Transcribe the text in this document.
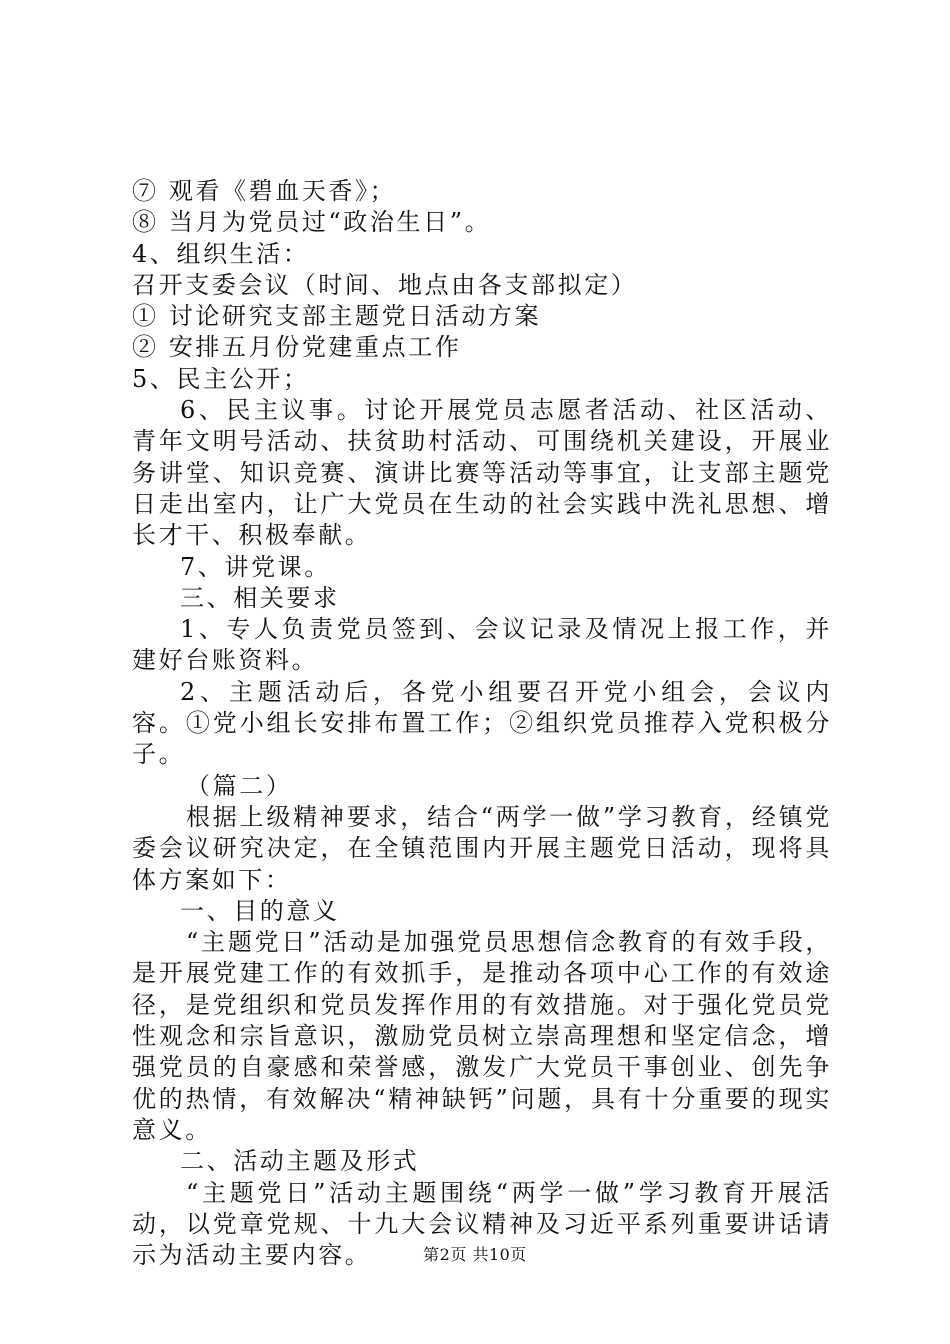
⑦ 观看《碧血天香》；

⑧ 当月为党员过“政治生日”。

4、组织生活：

召开支委会议（时间、地点由各支部拟定）

① 讨论研究支部主题党日活动方案

② 安排五月份党建重点工作

5、民主公开；

6、民主议事。讨论开展党员志愿者活动、社区活动、青年文明号活动、扶贫助村活动、可围绕机关建设，开展业务讲堂、知识竞赛、演讲比赛等活动等事宜，让支部主题党日走出室内，让广大党员在生动的社会实践中洗礼思想、增长才干、积极奉献。

7、讲党课。

三、相关要求

1、专人负责党员签到、会议记录及情况上报工作，并建好台账资料。

2、主题活动后，各党小组要召开党小组会，会议内容。①党小组长安排布置工作；②组织党员推荐入党积极分子。

（篇二）

根据上级精神要求，结合“两学一做”学习教育，经镇党委会议研究决定，在全镇范围内开展主题党日活动，现将具体方案如下：

一、目的意义

“主题党日”活动是加强党员思想信念教育的有效手段，是开展党建工作的有效抓手，是推动各项中心工作的有效途径，是党组织和党员发挥作用的有效措施。对于强化党员党性观念和宗旨意识，激励党员树立崇高理想和坚定信念，增强党员的自豪感和荣誉感，激发广大党员干事创业、创先争优的热情，有效解决“精神缺钙”问题，具有十分重要的现实意义。

二、活动主题及形式

“主题党日”活动主题围绕“两学一做”学习教育开展活动，以党章党规、十九大会议精神及习近平系列重要讲话请示为活动主要内容。	第2页 共10页
